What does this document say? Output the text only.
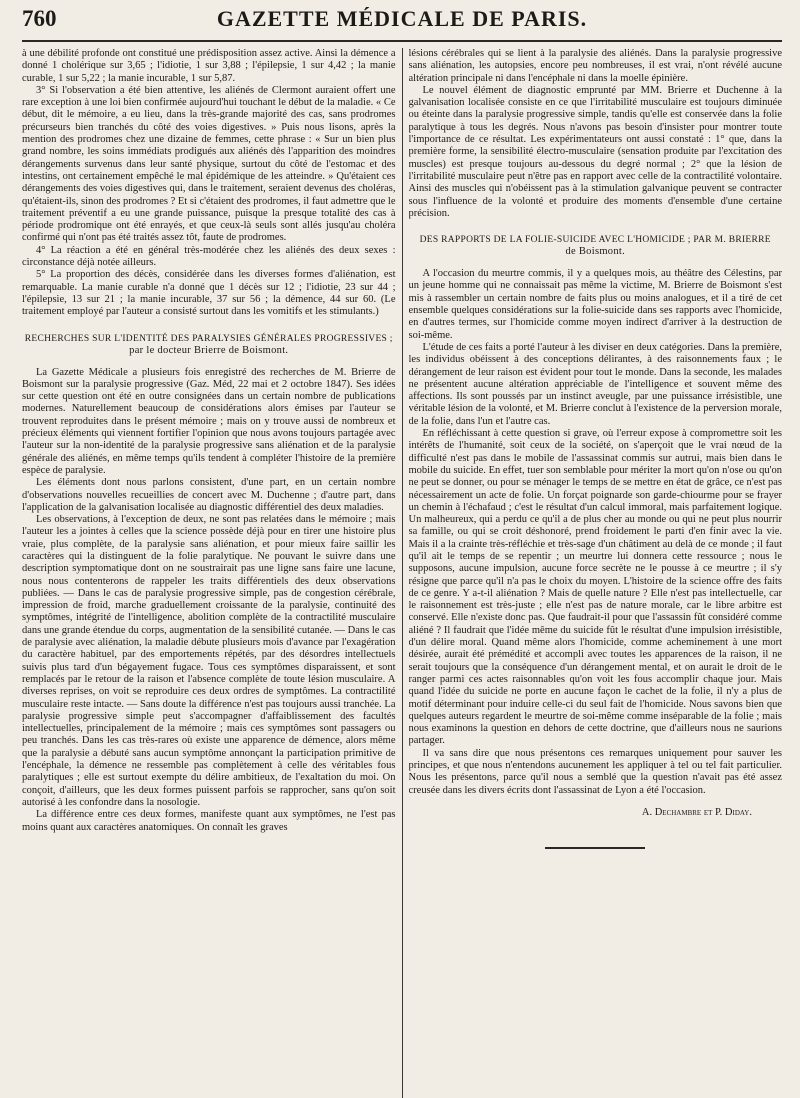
760	GAZETTE MÉDICALE DE PARIS.

à une débilité profonde ont constitué une prédisposition assez active. Ainsi la démence a donné 1 cholérique sur 3,65 ; l'idiotie, 1 sur 3,88 ; l'épilepsie, 1 sur 4,42 ; la manie curable, 1 sur 5,22 ; la manie incurable, 1 sur 5,87.

3° Si l'observation a été bien attentive, les aliénés de Clermont auraient offert une rare exception à une loi bien confirmée aujourd'hui touchant le début de la maladie. « Ce début, dit le mémoire, a eu lieu, dans la très-grande majorité des cas, sans prodromes précurseurs bien tranchés du côté des voies digestives. » Puis nous lisons, après la mention des prodromes chez une dizaine de femmes, cette phrase : « Sur un bien plus grand nombre, les soins immédiats prodigués aux aliénés dès l'apparition des moindres dérangements survenus dans leur santé physique, surtout du côté de l'estomac et des intestins, ont certainement empêché le mal épidémique de les atteindre. » Qu'étaient ces dérangements des voies digestives qui, dans le traitement, seraient devenus des choléras, qu'étaient-ils, sinon des prodromes ? Et si c'étaient des prodromes, il faut admettre que le traitement préventif a eu une grande puissance, puisque la presque totalité des cas à période prodromique ont été enrayés, et que ceux-là seuls sont allés jusqu'au choléra confirmé qui n'ont pas été traités assez tôt, faute de prodromes.

4° La réaction a été en général très-modérée chez les aliénés des deux sexes : circonstance déjà notée ailleurs.

5° La proportion des décès, considérée dans les diverses formes d'aliénation, est remarquable. La manie curable n'a donné que 1 décès sur 12 ; l'idiotie, 23 sur 44 ; l'épilepsie, 13 sur 21 ; la manie incurable, 37 sur 56 ; la démence, 44 sur 60. (Le traitement employé par l'auteur a consisté surtout dans les vomitifs et les stimulants.)

RECHERCHES SUR L'IDENTITÉ DES PARALYSIES GÉNÉRALES PROGRESSIVES ;
par le docteur Brierre de Boismont.

La Gazette Médicale a plusieurs fois enregistré des recherches de M. Brierre de Boismont sur la paralysie progressive (Gaz. Méd, 22 mai et 2 octobre 1847). Ses idées sur cette question ont été en outre consignées dans un certain nombre de publications modernes. Naturellement beaucoup de considérations alors émises par l'auteur se trouvent reproduites dans le présent mémoire ; mais on y trouve aussi de nombreux et précieux éléments qui viennent fortifier l'opinion que nous avons toujours partagée avec l'auteur sur la non-identité de la paralysie progressive sans aliénation et de la paralysie générale des aliénés, en même temps qu'ils tendent à compléter l'histoire de la première espèce de paralysie.

Les éléments dont nous parlons consistent, d'une part, en un certain nombre d'observations nouvelles recueillies de concert avec M. Duchenne ; d'autre part, dans l'application de la galvanisation localisée au diagnostic différentiel des deux maladies.

Les observations, à l'exception de deux, ne sont pas relatées dans le mémoire ; mais l'auteur les a jointes à celles que la science possède déjà pour en tirer une histoire plus vraie, plus complète, de la paralysie sans aliénation, et pour mieux faire saillir les caractères qui la distinguent de la folie paralytique. Ne pouvant le suivre dans une description symptomatique dont on ne soustrairait pas une ligne sans faire une lacune, nous nous contenterons de rappeler les traits différentiels des deux observations publiées. — Dans le cas de paralysie progressive simple, pas de congestion cérébrale, impression de froid, marche graduellement croissante de la paralysie, continuité des symptômes, intégrité de l'intelligence, abolition complète de la contractilité musculaire dans une grande étendue du corps, augmentation de la sensibilité cutanée. — Dans le cas de paralysie avec aliénation, la maladie débute plusieurs mois d'avance par l'exagération du caractère habituel, par des emportements répétés, par des désordres intellectuels suivis plus tard d'un bégayement fugace. Tous ces symptômes disparaissent, et sont remplacés par le retour de la raison et l'absence complète de toute lésion musculaire. A diverses reprises, on voit se reproduire ces deux ordres de symptômes. La contractilité musculaire reste intacte. — Sans doute la différence n'est pas toujours aussi tranchée. La paralysie progressive simple peut s'accompagner d'affaiblissement des facultés intellectuelles, principalement de la mémoire ; mais ces symptômes sont passagers ou peu tranchés. Dans les cas très-rares où existe une apparence de démence, alors même que la paralysie a débuté sans aucun symptôme annonçant la participation primitive de l'encéphale, la démence ne ressemble pas complètement à celle des véritables fous paralytiques ; elle est surtout exempte du délire ambitieux, de l'exaltation du moi. On conçoit, d'ailleurs, que les deux formes puissent parfois se rapprocher, sans qu'on soit autorisé à les confondre dans la nosologie.

La différence entre ces deux formes, manifeste quant aux symptômes, ne l'est pas moins quant aux caractères anatomiques. On connaît les graves

lésions cérébrales qui se lient à la paralysie des aliénés. Dans la paralysie progressive sans aliénation, les autopsies, encore peu nombreuses, il est vrai, n'ont révélé aucune altération principale ni dans l'encéphale ni dans la moelle épinière.

Le nouvel élément de diagnostic emprunté par MM. Brierre et Duchenne à la galvanisation localisée consiste en ce que l'irritabilité musculaire est toujours diminuée ou éteinte dans la paralysie progressive simple, tandis qu'elle est conservée dans la folie paralytique à tous les degrés. Nous n'avons pas besoin d'insister pour montrer toute l'importance de ce résultat. Les expérimentateurs ont aussi constaté : 1° que, dans la première forme, la sensibilité électro-musculaire (sensation produite par l'excitation des muscles) est presque toujours au-dessous du degré normal ; 2° que la lésion de l'irritabilité musculaire peut n'être pas en rapport avec celle de la contractilité volontaire. Ainsi des muscles qui n'obéissent pas à la stimulation galvanique peuvent se contracter sous l'influence de la volonté et produire des moments d'ensemble d'une certaine précision.

DES RAPPORTS DE LA FOLIE-SUICIDE AVEC L'HOMICIDE ; PAR M. BRIERRE
de Boismont.

A l'occasion du meurtre commis, il y a quelques mois, au théâtre des Célestins, par un jeune homme qui ne connaissait pas même la victime, M. Brierre de Boismont s'est mis à rassembler un certain nombre de faits plus ou moins analogues, et il a tiré de cet ensemble quelques considérations sur la folie-suicide dans ses rapports avec l'homicide, en d'autres termes, sur l'homicide comme moyen indirect d'arriver à la destruction de soi-même.

L'étude de ces faits a porté l'auteur à les diviser en deux catégories. Dans la première, les individus obéissent à des conceptions délirantes, à des raisonnements faux ; le dérangement de leur raison est évident pour tout le monde. Dans la seconde, les malades ne présentent aucune altération appréciable de l'intelligence et souvent même des affections. Ils sont poussés par un instinct aveugle, par une puissance irrésistible, une véritable lésion de la volonté, et M. Brierre conclut à l'existence de la perversion morale, de la folie, dans l'un et l'autre cas.

En réfléchissant à cette question si grave, où l'erreur expose à compromettre soit les intérêts de l'humanité, soit ceux de la société, on s'aperçoit que le vrai nœud de la difficulté n'est pas dans le mobile de l'assassinat commis sur autrui, mais bien dans le mobile du suicide. En effet, tuer son semblable pour mériter la mort qu'on n'ose ou qu'on ne peut se donner, ou pour se ménager le temps de se mettre en état de grâce, ce n'est pas nécessairement un acte de folie. Un forçat poignarde son garde-chiourme pour se frayer un chemin à l'échafaud ; c'est le résultat d'un calcul immoral, mais parfaitement logique. Un malheureux, qui a perdu ce qu'il a de plus cher au monde ou qui ne peut plus nourrir sa famille, ou qui se croit déshonoré, prend froidement le parti d'en finir avec la vie. Mais il a la crainte très-réfléchie et très-sage d'un châtiment au delà de ce monde ; il faut qu'il ait le temps de se repentir ; un meurtre lui donnera cette ressource ; nous le supposons, aucune impulsion, aucune force secrète ne le pousse à ce meurtre ; il s'y résigne que parce qu'il n'a pas le choix du moyen. L'histoire de la science offre des faits de ce genre. Y a-t-il aliénation ? Mais de quelle nature ? Elle n'est pas intellectuelle, car le raisonnement est très-juste ; elle n'est pas de nature morale, car le libre arbitre est conservé. Elle n'existe donc pas. Que faudrait-il pour que l'assassin fût considéré comme aliéné ? Il faudrait que l'idée même du suicide fût le résultat d'une impulsion irrésistible, d'un délire moral. Quand même alors l'homicide, comme acheminement à une mort désirée, aurait été prémédité et accompli avec toutes les apparences de la raison, il ne serait toujours que la conséquence d'un dérangement mental, et on aurait le droit de le ranger parmi ces actes raisonnables qu'on voit les fous accomplir chaque jour. Mais quand l'idée du suicide ne porte en aucune façon le cachet de la folie, il n'y a plus de motif déterminant pour induire celle-ci du seul fait de l'homicide. Nous savons bien que quelques auteurs regardent le meurtre de soi-même comme inséparable de la folie ; mais nous examinons la question en dehors de cette doctrine, que d'ailleurs nous ne saurions partager.

Il va sans dire que nous présentons ces remarques uniquement pour sauver les principes, et que nous n'entendons aucunement les appliquer à tel ou tel fait particulier. Nous les présentons, parce qu'il nous a semblé que la question n'avait pas été assez creusée dans les divers écrits dont l'assassinat de Lyon a été l'occasion.

A. Dechambre et P. Diday.
